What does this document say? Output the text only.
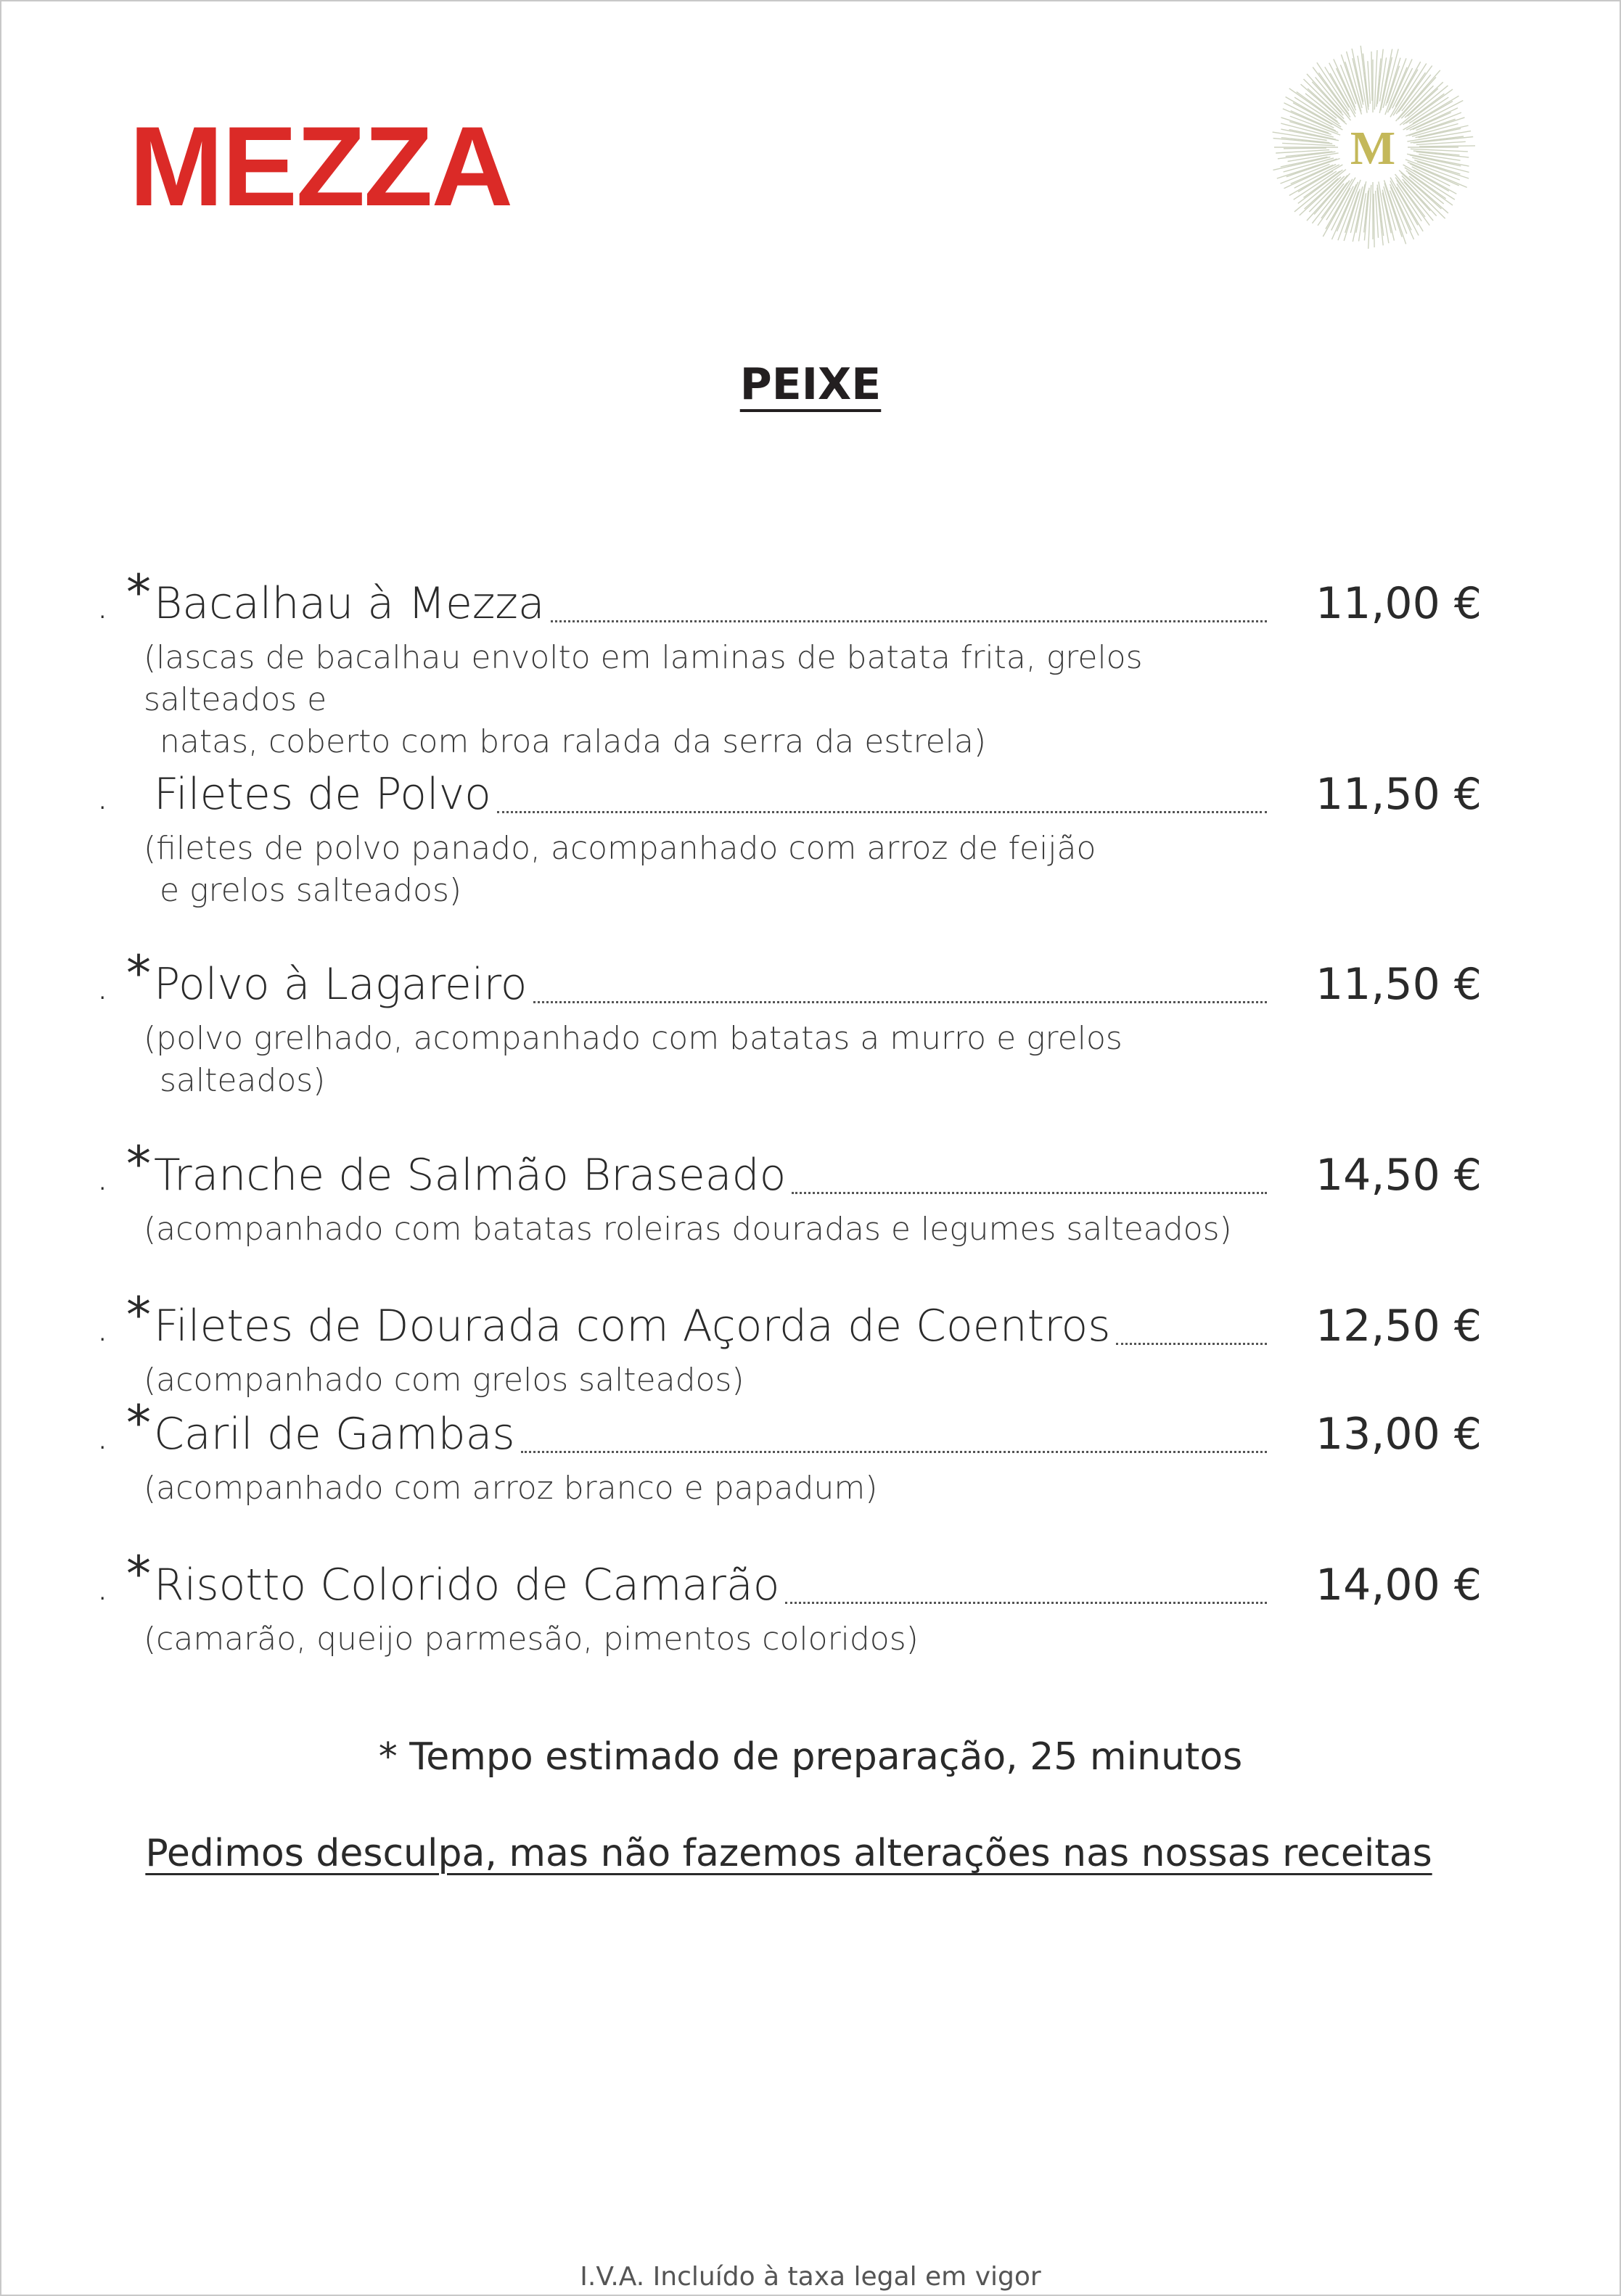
MEZZA	M
PEIXE
. * Bacalhau à Mezza	11,00 €
(lascas de bacalhau envolto em laminas de batata frita, grelos salteados e
natas, coberto com broa ralada da serra da estrela)
. Filetes de Polvo	11,50 €
(filetes de polvo panado, acompanhado com arroz de feijão
e grelos salteados)
. * Polvo à Lagareiro	11,50 €
(polvo grelhado, acompanhado com batatas a murro e grelos
salteados)
. * Tranche de Salmão Braseado	14,50 €
(acompanhado com batatas roleiras douradas e legumes salteados)
. * Filetes de Dourada com Açorda de Coentros	12,50 €
(acompanhado com grelos salteados)
. * Caril de Gambas	13,00 €
(acompanhado com arroz branco e papadum)
. * Risotto Colorido de Camarão	14,00 €
(camarão, queijo parmesão, pimentos coloridos)

* Tempo estimado de preparação, 25 minutos

Pedimos desculpa, mas não fazemos alterações nas nossas receitas

I.V.A. Incluído à taxa legal em vigor
